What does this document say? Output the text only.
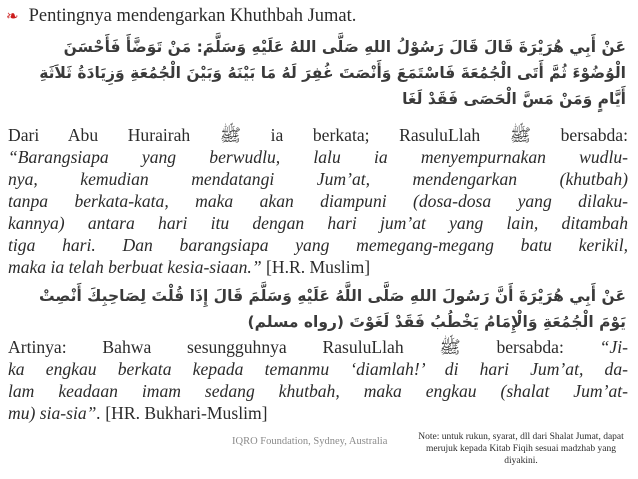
❧ Pentingnya mendengarkan Khuthbah Jumat.
عَنْ أَبِي هُرَيْرَةَ قَالَ قَالَ رَسُوْلُ اللهِ صَلَّى اللهُ عَلَيْهِ وَسَلَّمَ: مَنْ تَوَضَّأَ فَأَحْسَنَ الْوُضُوْءَ ثُمَّ أَتَى الْجُمُعَةَ فَاسْتَمَعَ وَأَنْصَتَ غُفِرَ لَهُ مَا بَيْنَهُ وَبَيْنَ الْجُمُعَةِ وَزِيَادَةُ ثَلاَثَةِ أَيَّامٍ وَمَنْ مَسَّ الْحَصَى فَقَدْ لَغَا
Dari Abu Hurairah ﷺ ia berkata; RasuluLlah ﷺ bersabda:
“Barangsiapa yang berwudlu, lalu ia menyempurnakan wudlu-
nya, kemudian mendatangi Jum’at, mendengarkan (khutbah)
tanpa berkata-kata, maka akan diampuni (dosa-dosa yang dilaku-
kannya) antara hari itu dengan hari jum’at yang lain, ditambah
tiga hari. Dan barangsiapa yang memegang-megang batu kerikil,
maka ia telah berbuat kesia-siaan.” [H.R. Muslim]
عَنْ أَبِي هُرَيْرَةَ أَنَّ رَسُولَ اللهِ صَلَّى اللَّهُ عَلَيْهِ وَسَلَّمَ قَالَ إِذَا قُلْتَ لِصَاحِبِكَ أَنْصِتْ يَوْمَ الْجُمُعَةِ وَالْإِمَامُ يَخْطُبُ فَقَدْ لَغَوْتَ (رواه مسلم)
Artinya: Bahwa sesungguhnya RasuluLlah ﷺ bersabda: “Ji-
ka engkau berkata kepada temanmu ‘diamlah!’ di hari Jum’at, da-
lam keadaan imam sedang khutbah, maka engkau (shalat Jum’at-
mu) sia-sia”. [HR. Bukhari-Muslim]
IQRO Foundation, Sydney, Australia	Note: untuk rukun, syarat, dll dari Shalat Jumat, dapat merujuk kepada Kitab Fiqih sesuai madzhab yang diyakini.
